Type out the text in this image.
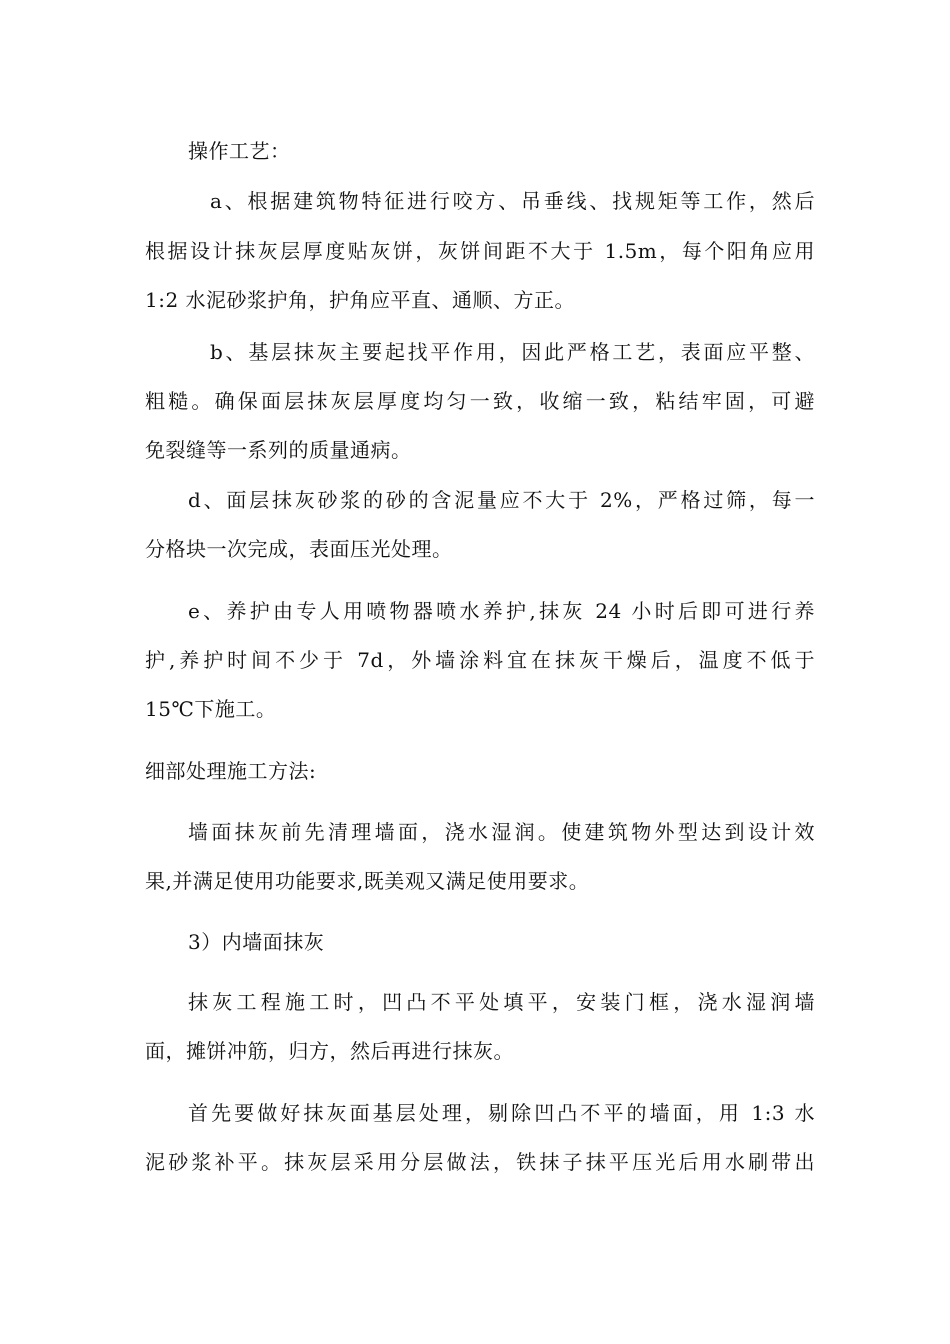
操作工艺：
a、根据建筑物特征进行咬方、吊垂线、找规矩等工作，然后
根据设计抹灰层厚度贴灰饼，灰饼间距不大于 1.5m，每个阳角应用
1:2 水泥砂浆护角，护角应平直、通顺、方正。
b、基层抹灰主要起找平作用，因此严格工艺，表面应平整、
粗糙。确保面层抹灰层厚度均匀一致，收缩一致，粘结牢固，可避
免裂缝等一系列的质量通病。
d、面层抹灰砂浆的砂的含泥量应不大于 2%，严格过筛，每一
分格块一次完成，表面压光处理。
e、养护由专人用喷物器喷水养护,抹灰 24 小时后即可进行养
护,养护时间不少于 7d，外墙涂料宜在抹灰干燥后，温度不低于
15℃下施工。
细部处理施工方法:
墙面抹灰前先清理墙面，浇水湿润。使建筑物外型达到设计效
果,并满足使用功能要求,既美观又满足使用要求。
3）内墙面抹灰
抹灰工程施工时，凹凸不平处填平，安装门框，浇水湿润墙
面，摊饼冲筋，归方，然后再进行抹灰。
首先要做好抹灰面基层处理，剔除凹凸不平的墙面，用 1:3 水
泥砂浆补平。抹灰层采用分层做法，铁抹子抹平压光后用水刷带出
